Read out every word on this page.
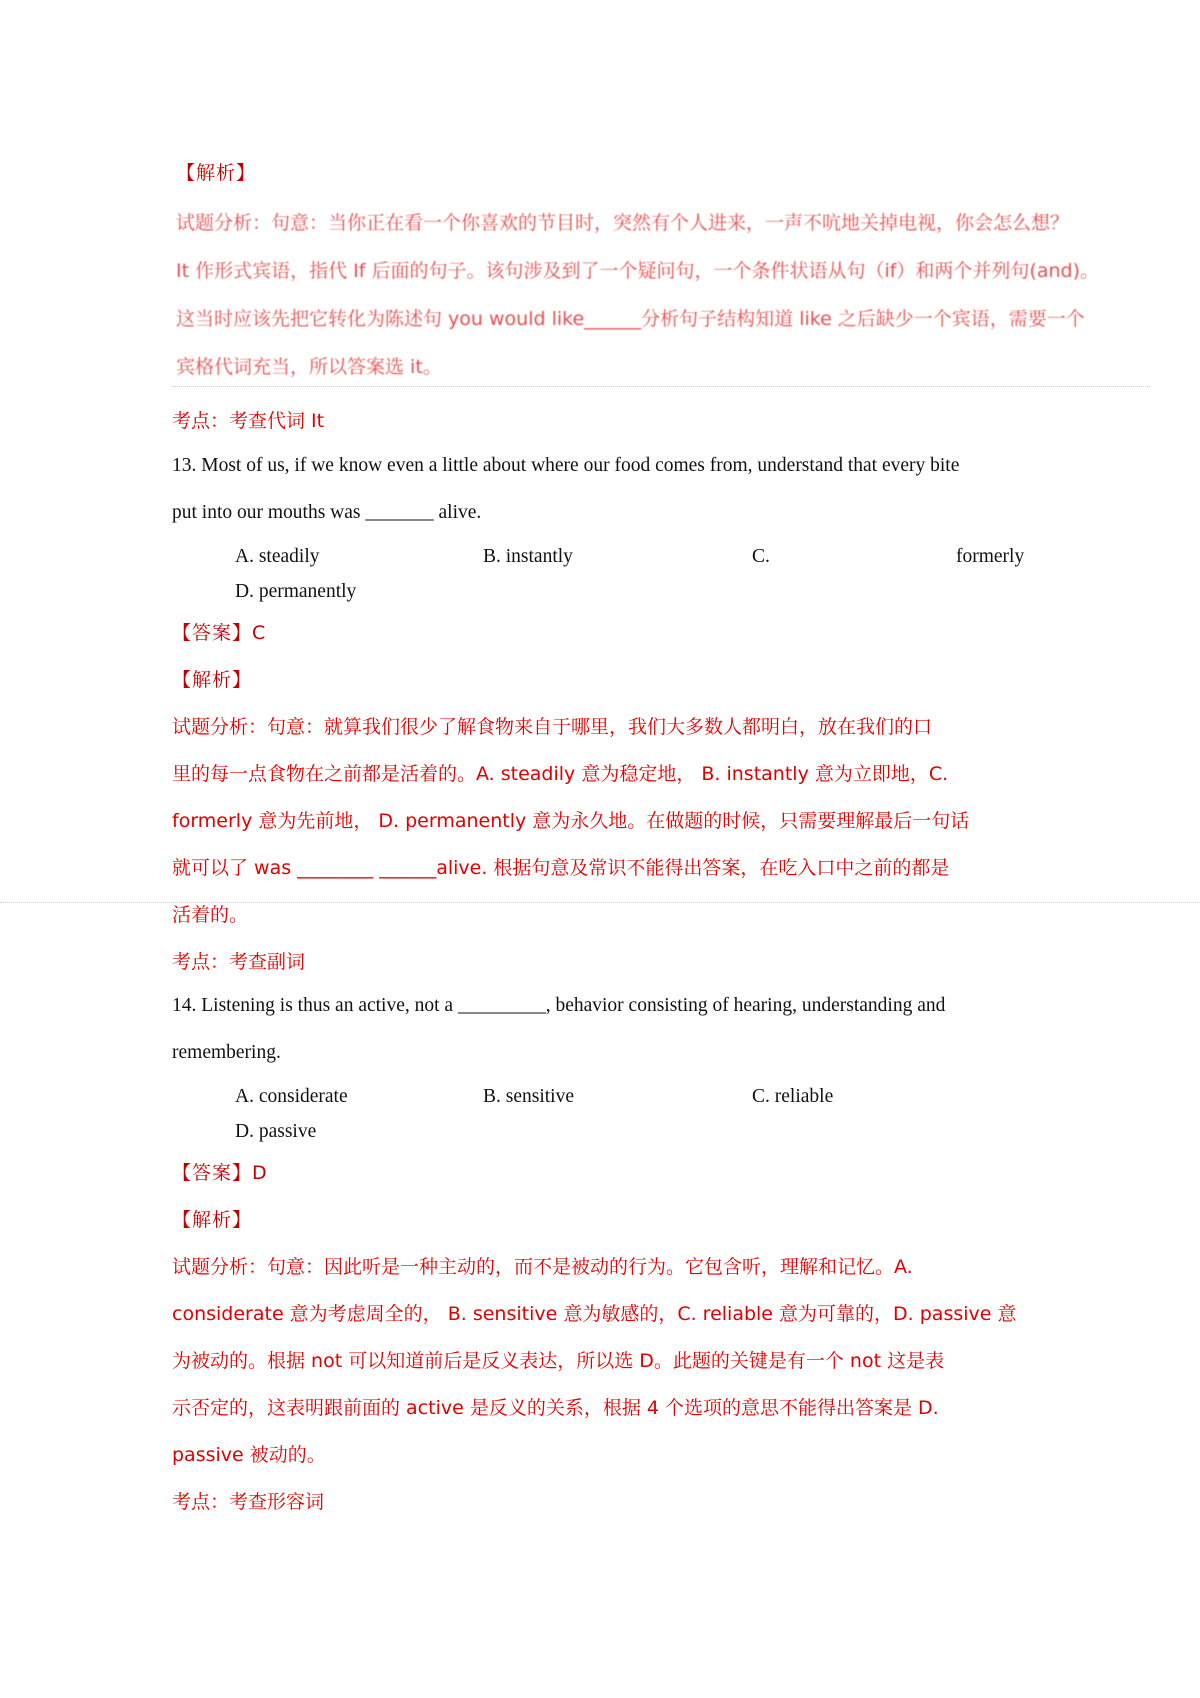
【解析】
试题分析：句意：当你正在看一个你喜欢的节目时，突然有个人进来，一声不吭地关掉电视，你会怎么想？
It 作形式宾语，指代 If 后面的句子。该句涉及到了一个疑问句，一个条件状语从句（if）和两个并列句(and)。
这当时应该先把它转化为陈述句 you would like______分析句子结构知道 like 之后缺少一个宾语，需要一个
宾格代词充当，所以答案选 it。
考点：考查代词 It
13. Most of us, if we know even a little about where our food comes from, understand that every bite
put into our mouths was _______ alive.
A. steadily	B. instantly	C.	formerly
D. permanently
【答案】C
【解析】
试题分析：句意：就算我们很少了解食物来自于哪里，我们大多数人都明白，放在我们的口
里的每一点食物在之前都是活着的。A. steadily 意为稳定地， B. instantly 意为立即地，C.
formerly 意为先前地， D. permanently 意为永久地。在做题的时候，只需要理解最后一句话
就可以了 was ________ ______alive. 根据句意及常识不能得出答案，在吃入口中之前的都是
活着的。
考点：考查副词
14. Listening is thus an active, not a _________, behavior consisting of hearing, understanding and
remembering.
A. considerate	B. sensitive	C. reliable
D. passive
【答案】D
【解析】
试题分析：句意：因此听是一种主动的，而不是被动的行为。它包含听，理解和记忆。A.
considerate 意为考虑周全的， B. sensitive 意为敏感的，C. reliable 意为可靠的，D. passive 意
为被动的。根据 not 可以知道前后是反义表达，所以选 D。此题的关键是有一个 not 这是表
示否定的，这表明跟前面的 active 是反义的关系，根据 4 个选项的意思不能得出答案是 D.
passive 被动的。
考点：考查形容词
